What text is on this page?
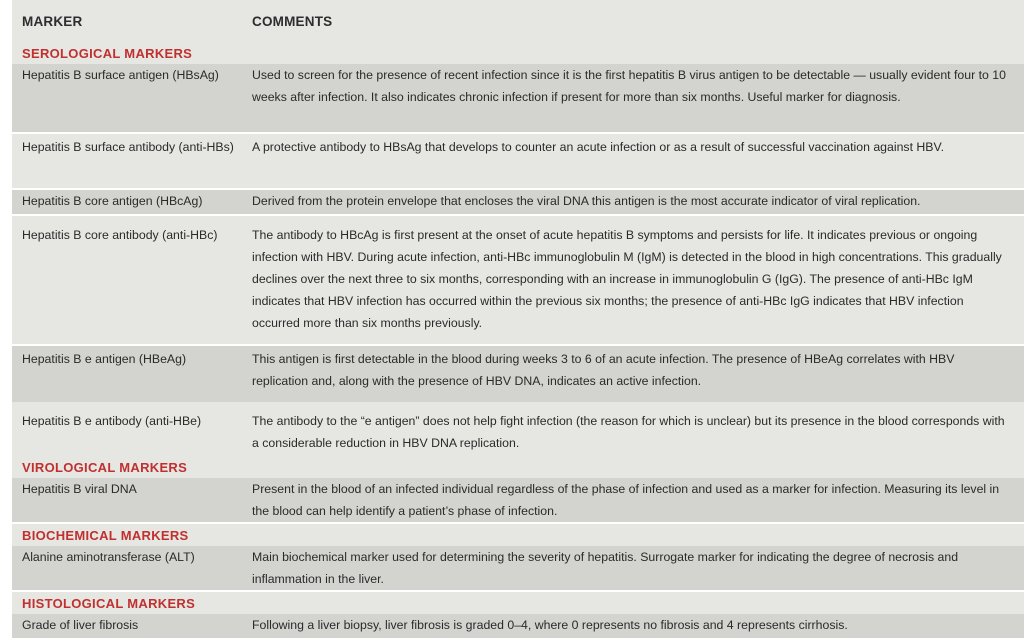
MARKER	COMMENTS
SEROLOGICAL MARKERS
Hepatitis B surface antigen (HBsAg)	Used to screen for the presence of recent infection since it is the first hepatitis B virus antigen to be detectable — usually evident four to 10 weeks after infection. It also indicates chronic infection if present for more than six months. Useful marker for diagnosis.
Hepatitis B surface antibody (anti-HBs)	A protective antibody to HBsAg that develops to counter an acute infection or as a result of successful vaccination against HBV.
Hepatitis B core antigen (HBcAg)	Derived from the protein envelope that encloses the viral DNA this antigen is the most accurate indicator of viral replication.
Hepatitis B core antibody (anti-HBc)	The antibody to HBcAg is first present at the onset of acute hepatitis B symptoms and persists for life. It indicates previous or ongoing infection with HBV. During acute infection, anti-HBc immunoglobulin M (IgM) is detected in the blood in high concentrations. This gradually declines over the next three to six months, corresponding with an increase in immunoglobulin G (IgG). The presence of anti-HBc IgM indicates that HBV infection has occurred within the previous six months; the presence of anti-HBc IgG indicates that HBV infection occurred more than six months previously.
Hepatitis B e antigen (HBeAg)	This antigen is first detectable in the blood during weeks 3 to 6 of an acute infection. The presence of HBeAg correlates with HBV replication and, along with the presence of HBV DNA, indicates an active infection.
Hepatitis B e antibody (anti-HBe)	The antibody to the “e antigen” does not help fight infection (the reason for which is unclear) but its presence in the blood corresponds with a considerable reduction in HBV DNA replication.
VIROLOGICAL MARKERS
Hepatitis B viral DNA	Present in the blood of an infected individual regardless of the phase of infection and used as a marker for infection. Measuring its level in the blood can help identify a patient’s phase of infection.
BIOCHEMICAL MARKERS
Alanine aminotransferase (ALT)	Main biochemical marker used for determining the severity of hepatitis. Surrogate marker for indicating the degree of necrosis and inflammation in the liver.
HISTOLOGICAL MARKERS
Grade of liver fibrosis	Following a liver biopsy, liver fibrosis is graded 0–4, where 0 represents no fibrosis and 4 represents cirrhosis.
